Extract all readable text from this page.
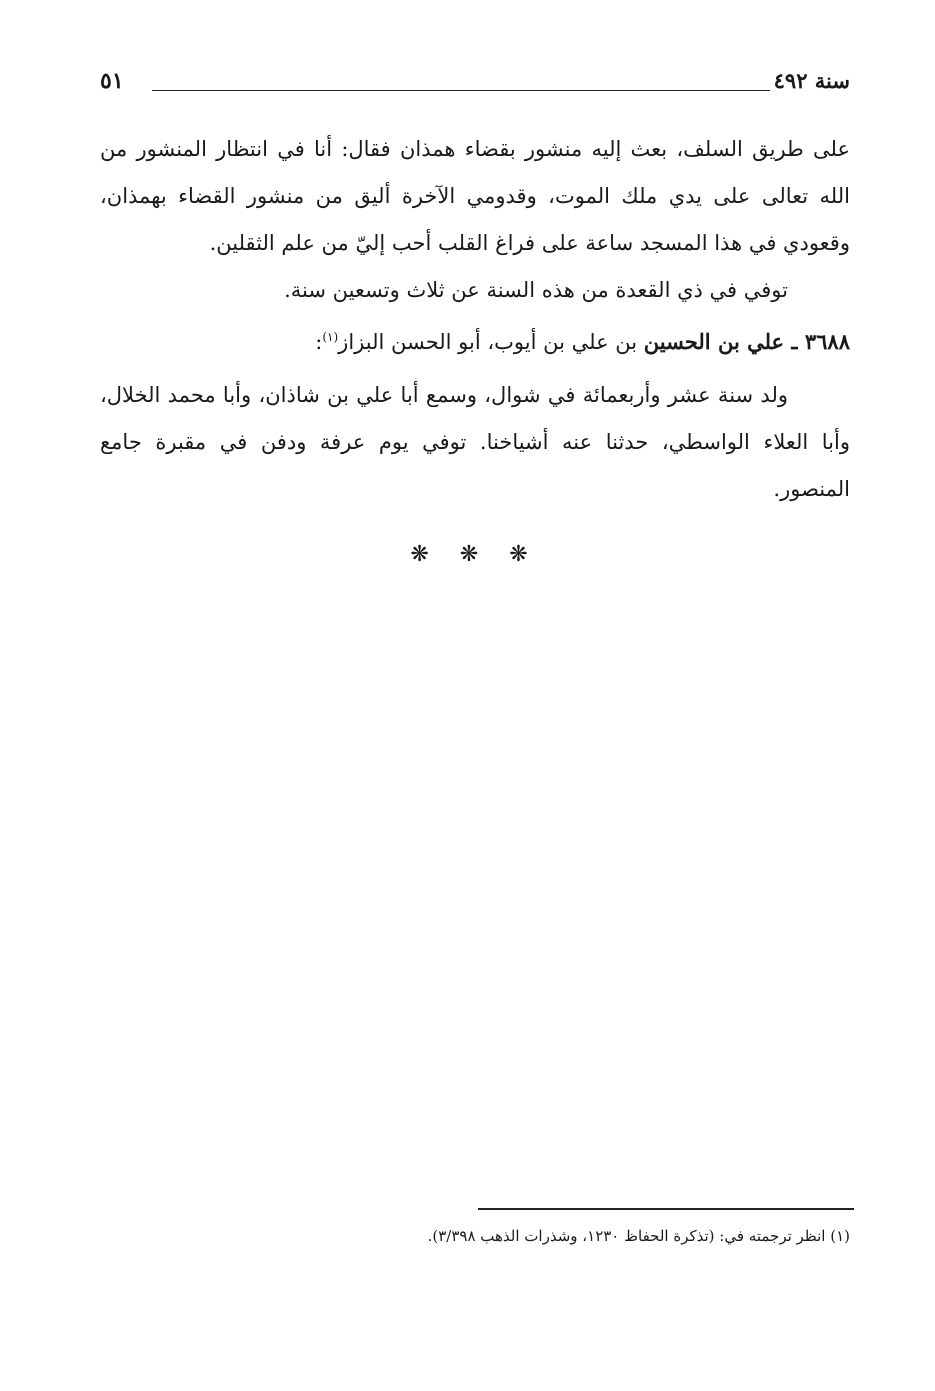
سنة ٤٩٢
٥١

على طريق السلف، بعث إليه منشور بقضاء همذان فقال: أنا في انتظار المنشور من الله تعالى على يدي ملك الموت، وقدومي الآخرة أليق من منشور القضاء بهمذان، وقعودي في هذا المسجد ساعة على فراغ القلب أحب إليّ من علم الثقلين.

توفي في ذي القعدة من هذه السنة عن ثلاث وتسعين سنة.

٣٦٨٨ ـ علي بن الحسين بن علي بن أيوب، أبو الحسن البزاز$^{(١)}$:

ولد سنة عشر وأربعمائة في شوال، وسمع أبا علي بن شاذان، وأبا محمد الخلال، وأبا العلاء الواسطي، حدثنا عنه أشياخنا. توفي يوم عرفة ودفن في مقبرة جامع المنصور.

❋ ❋ ❋

(١) انظر ترجمته في: (تذكرة الحفاظ ١٢٣٠، وشذرات الذهب ٣/٣٩٨).
